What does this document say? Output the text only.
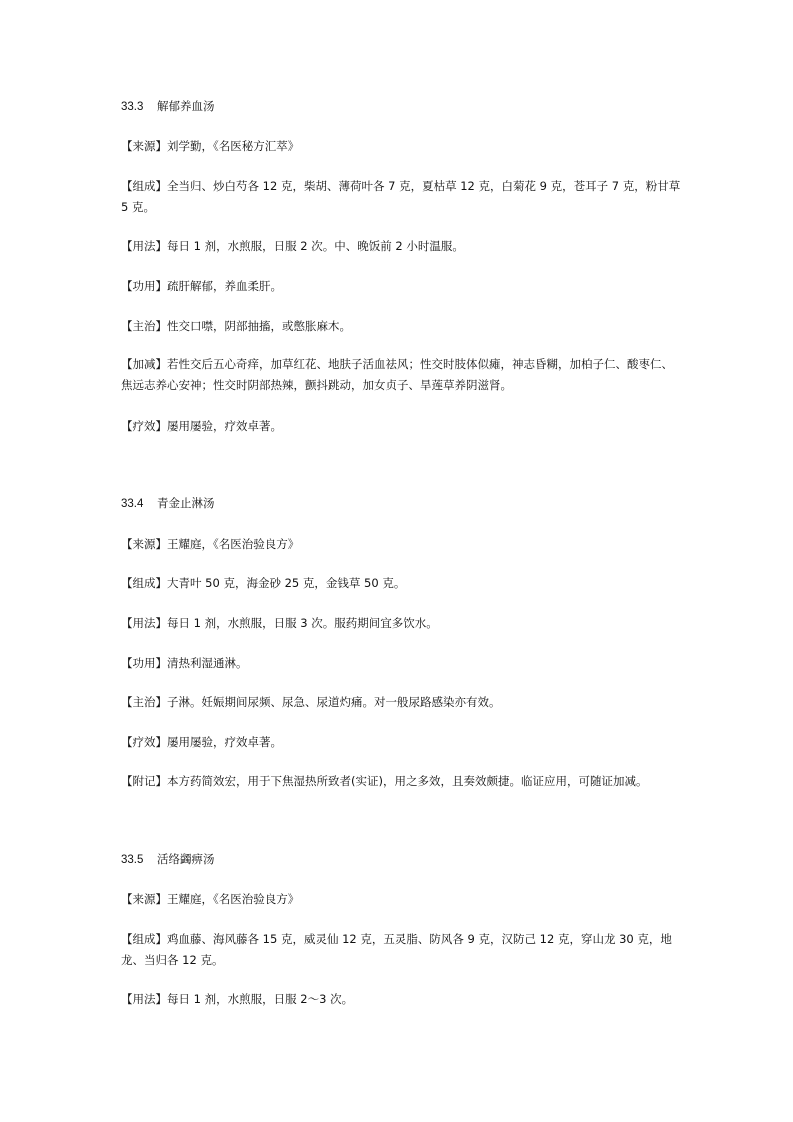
33.3 解郁养血汤
【来源】刘学勤，《名医秘方汇萃》
【组成】全当归、炒白芍各 12 克，柴胡、薄荷叶各 7 克，夏枯草 12 克，白菊花 9 克，苍耳子 7 克，粉甘草 5 克。
【用法】每日 1 剂，水煎服，日服 2 次。中、晚饭前 2 小时温服。
【功用】疏肝解郁，养血柔肝。
【主治】性交口噤，阴部抽搐，或憋胀麻木。
【加减】若性交后五心奇痒，加草红花、地肤子活血祛风；性交时肢体似瘫，神志昏糊，加柏子仁、酸枣仁、焦远志养心安神；性交时阴部热辣，颤抖跳动，加女贞子、旱莲草养阴滋肾。
【疗效】屡用屡验，疗效卓著。
33.4 青金止淋汤
【来源】王耀庭，《名医治验良方》
【组成】大青叶 50 克，海金砂 25 克，金钱草 50 克。
【用法】每日 1 剂，水煎服，日服 3 次。服药期间宜多饮水。
【功用】清热利湿通淋。
【主治】子淋。妊娠期间尿频、尿急、尿道灼痛。对一般尿路感染亦有效。
【疗效】屡用屡验，疗效卓著。
【附记】本方药简效宏，用于下焦湿热所致者(实证)，用之多效，且奏效颇捷。临证应用，可随证加减。
33.5 活络蠲痹汤
【来源】王耀庭，《名医治验良方》
【组成】鸡血藤、海风藤各 15 克，威灵仙 12 克，五灵脂、防风各 9 克，汉防己 12 克，穿山龙 30 克，地龙、当归各 12 克。
【用法】每日 1 剂，水煎服，日服 2～3 次。
